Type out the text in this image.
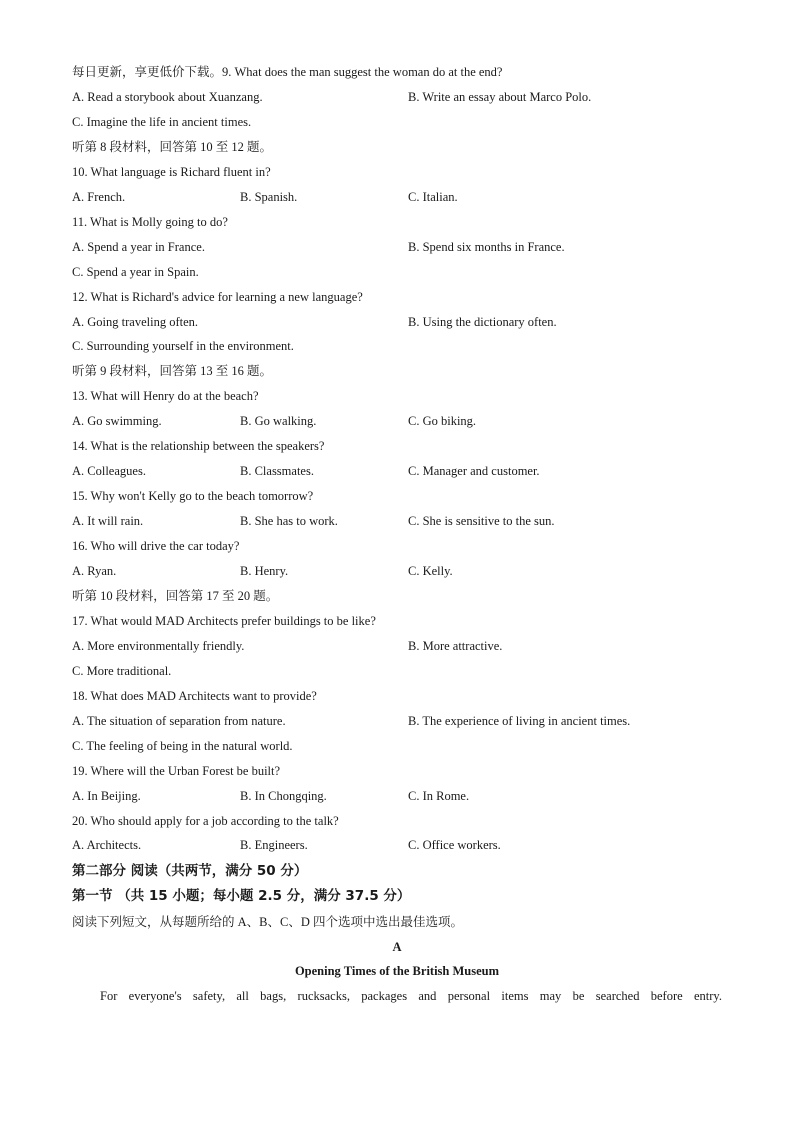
每日更新，享更低价下载。9. What does the man suggest the woman do at the end?
A. Read a storybook about Xuanzang.	B. Write an essay about Marco Polo.
C. Imagine the life in ancient times.
听第 8 段材料，回答第 10 至 12 题。
10. What language is Richard fluent in?
A. French.	B. Spanish.	C. Italian.
11. What is Molly going to do?
A. Spend a year in France.	B. Spend six months in France.
C. Spend a year in Spain.
12. What is Richard's advice for learning a new language?
A. Going traveling often.	B. Using the dictionary often.
C. Surrounding yourself in the environment.
听第 9 段材料，回答第 13 至 16 题。
13. What will Henry do at the beach?
A. Go swimming.	B. Go walking.	C. Go biking.
14. What is the relationship between the speakers?
A. Colleagues.	B. Classmates.	C. Manager and customer.
15. Why won't Kelly go to the beach tomorrow?
A. It will rain.	B. She has to work.	C. She is sensitive to the sun.
16. Who will drive the car today?
A. Ryan.	B. Henry.	C. Kelly.
听第 10 段材料，回答第 17 至 20 题。
17. What would MAD Architects prefer buildings to be like?
A. More environmentally friendly.	B. More attractive.
C. More traditional.
18. What does MAD Architects want to provide?
A. The situation of separation from nature.	B. The experience of living in ancient times.
C. The feeling of being in the natural world.
19. Where will the Urban Forest be built?
A. In Beijing.	B. In Chongqing.	C. In Rome.
20. Who should apply for a job according to the talk?
A. Architects.	B. Engineers.	C. Office workers.
第二部分 阅读（共两节，满分 50 分）
第一节 （共 15 小题；每小题 2.5 分，满分 37.5 分）
阅读下列短文，从每题所给的 A、B、C、D 四个选项中选出最佳选项。
A
Opening Times of the British Museum
For everyone's safety, all bags, rucksacks, packages and personal items may be searched before entry.
